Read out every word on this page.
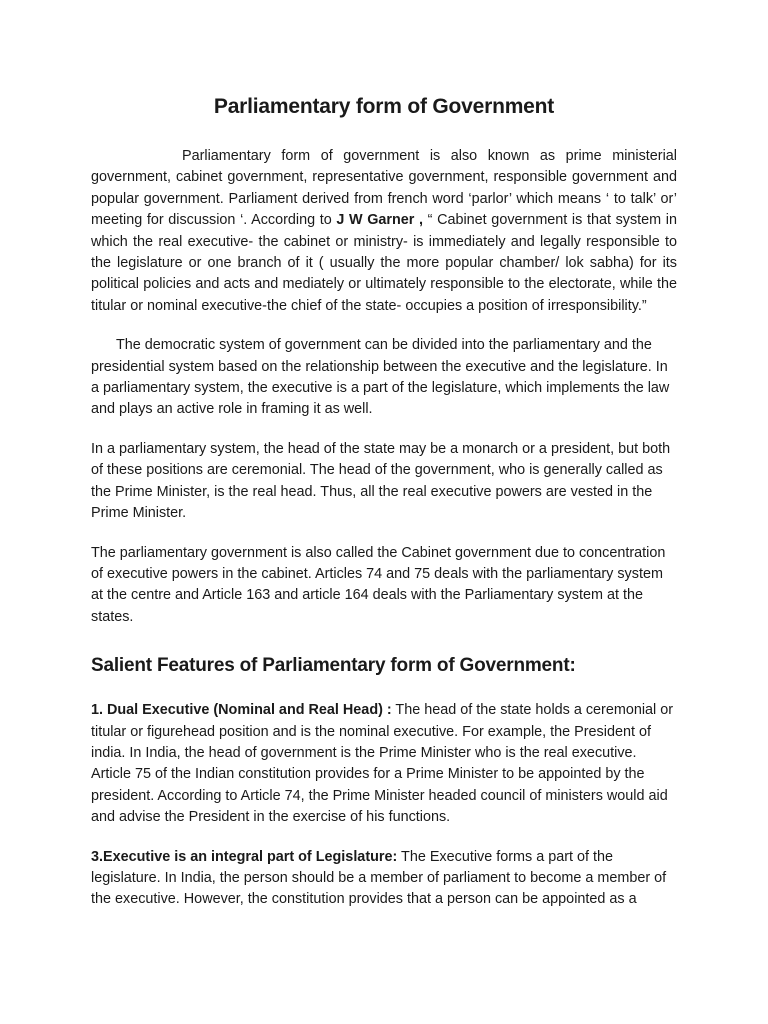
Parliamentary form of Government

Parliamentary form of government is also known as prime ministerial government, cabinet government, representative government, responsible government and popular government. Parliament derived from french word ‘parlor’ which means ‘ to talk’ or’ meeting for discussion ‘. According to J W Garner , “ Cabinet government is that system in which the real executive- the cabinet or ministry- is immediately and legally responsible to the legislature or one branch of it ( usually the more popular chamber/ lok sabha) for its political policies and acts and mediately or ultimately responsible to the electorate, while the titular or nominal executive-the chief of the state- occupies a position of irresponsibility.”

The democratic system of government can be divided into the parliamentary and the presidential system based on the relationship between the executive and the legislature. In a parliamentary system, the executive is a part of the legislature, which implements the law and plays an active role in framing it as well.

In a parliamentary system, the head of the state may be a monarch or a president, but both of these positions are ceremonial. The head of the government, who is generally called as the Prime Minister, is the real head. Thus, all the real executive powers are vested in the Prime Minister.

The parliamentary government is also called the Cabinet government due to concentration of executive powers in the cabinet. Articles 74 and 75 deals with the parliamentary system at the centre and Article 163 and article 164 deals with the Parliamentary system at the states.

Salient Features of Parliamentary form of Government:

1. Dual Executive (Nominal and Real Head) : The head of the state holds a ceremonial or titular or figurehead position and is the nominal executive. For example, the President of india. In India, the head of government is the Prime Minister who is the real executive. Article 75 of the Indian constitution provides for a Prime Minister to be appointed by the president. According to Article 74, the Prime Minister headed council of ministers would aid and advise the President in the exercise of his functions.

3.Executive is an integral part of Legislature: The Executive forms a part of the legislature. In India, the person should be a member of parliament to become a member of the executive. However, the constitution provides that a person can be appointed as a
